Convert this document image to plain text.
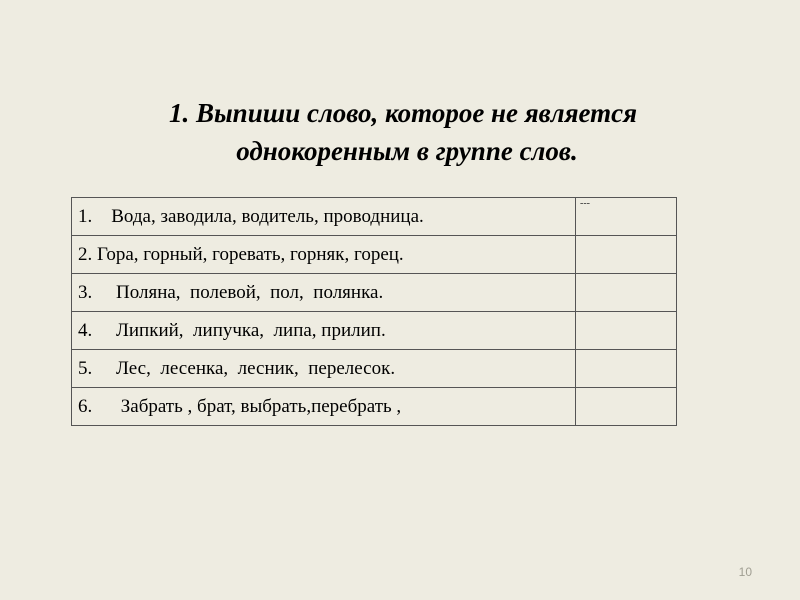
1. Выпиши слово, которое не является
однокоренным в группе слов.
1.    Вода, заводила, водитель, проводница.	---
2. Гора, горный, горевать, горняк, горец.	
3.     Поляна,  полевой,  пол,  полянка.	
4.     Липкий,  липучка,  липа, прилип.	
5.     Лес,  лесенка,  лесник,  перелесок.	
6.      Забрать , брат, выбрать,перебрать ,	
10
